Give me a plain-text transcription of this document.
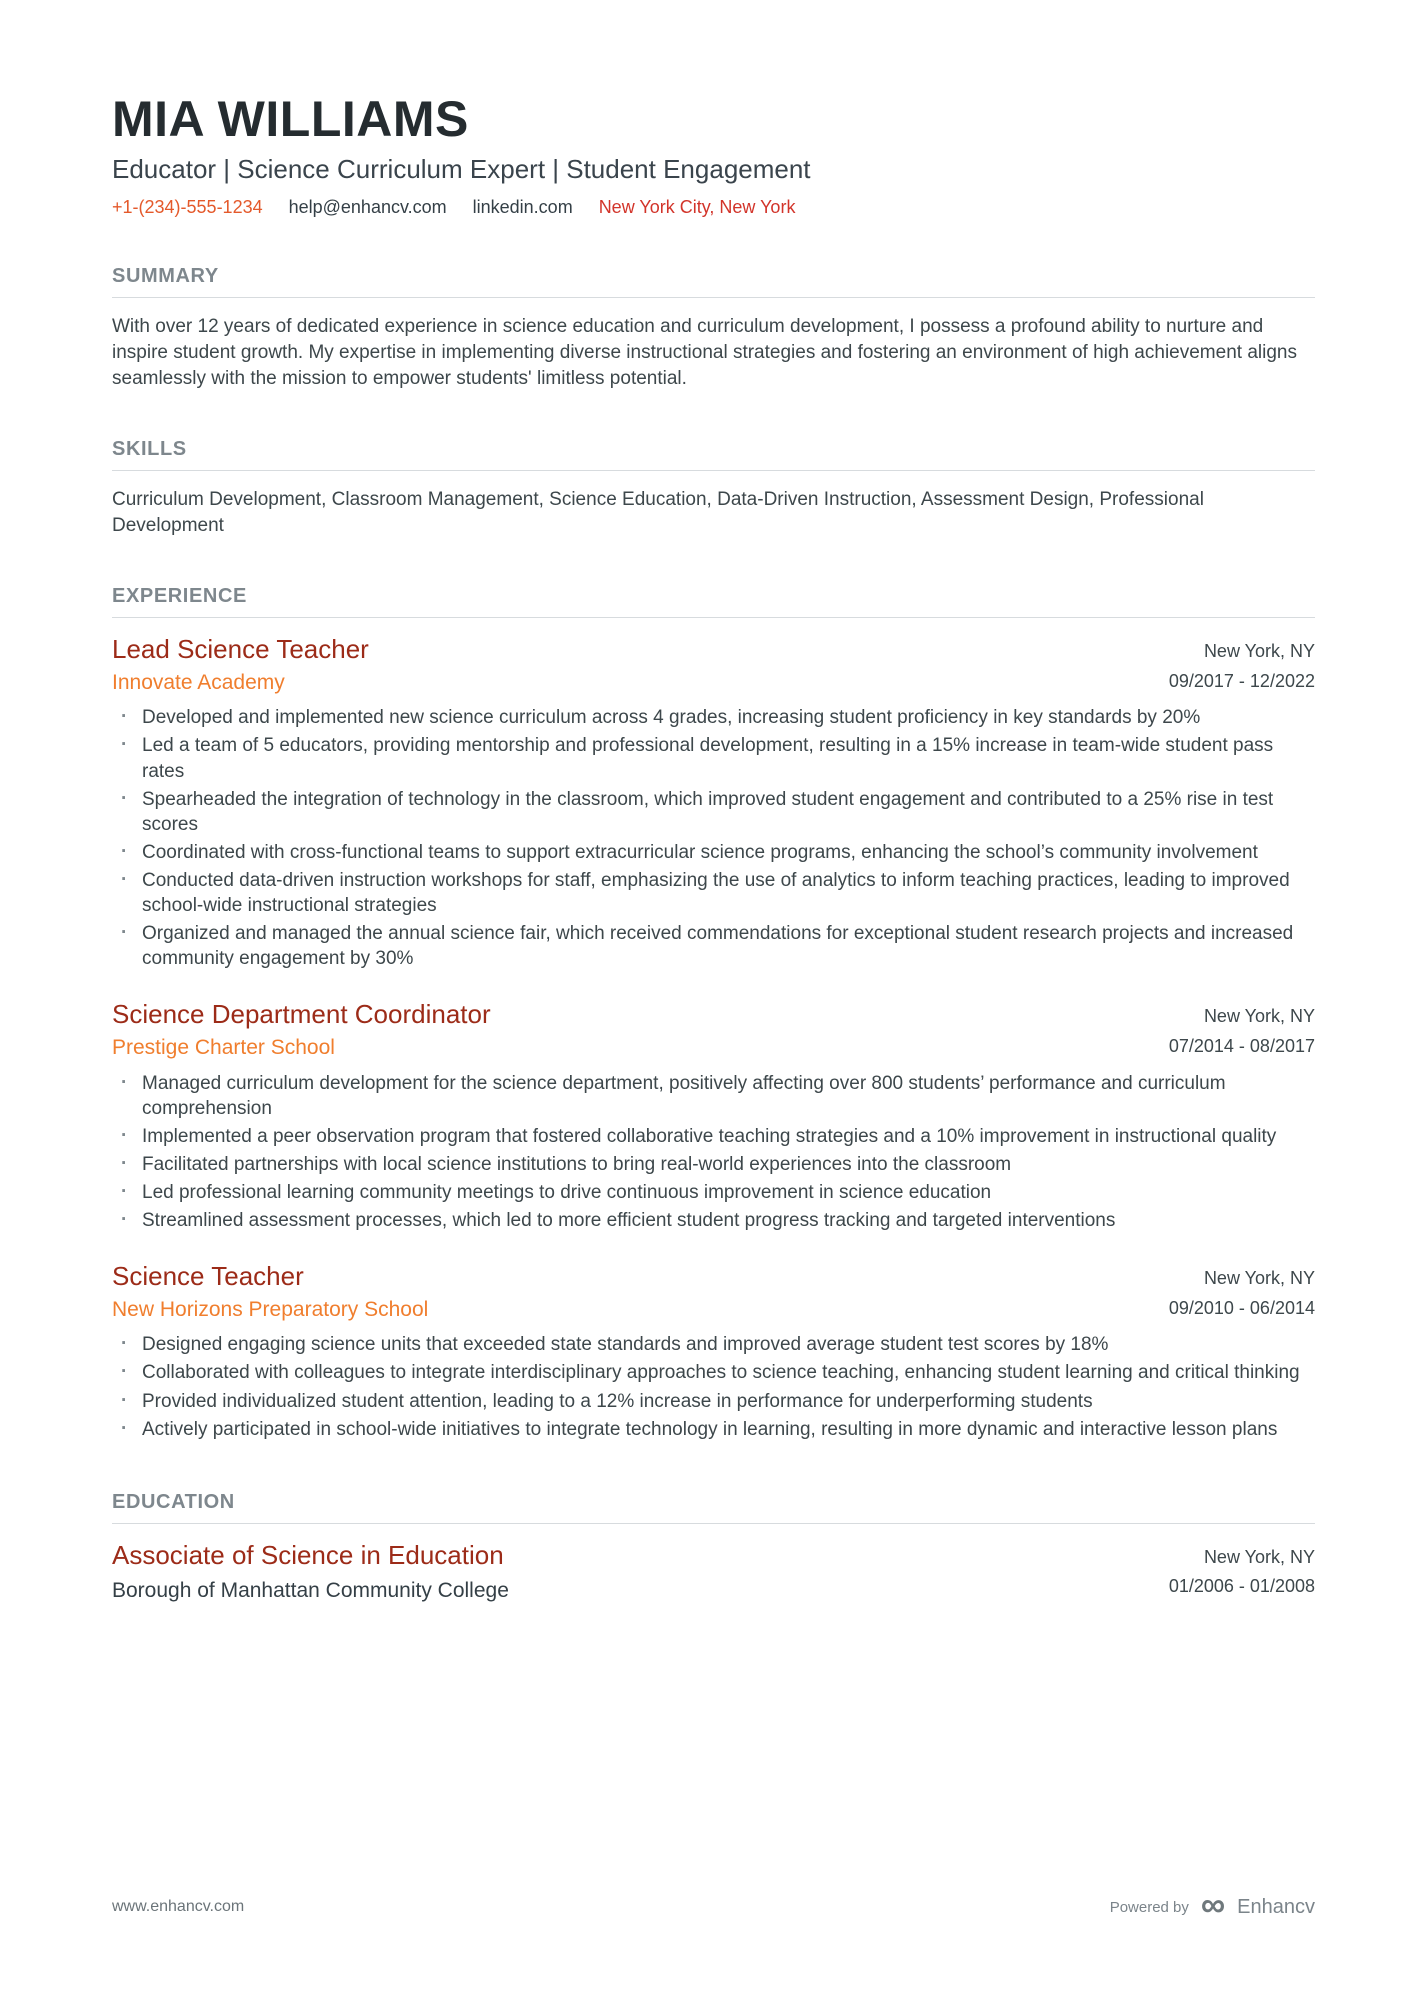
MIA WILLIAMS
Educator | Science Curriculum Expert | Student Engagement
+1-(234)-555-1234 help@enhancv.com linkedin.com New York City, New York
SUMMARY

With over 12 years of dedicated experience in science education and curriculum development, I possess a profound ability to nurture and inspire student growth. My expertise in implementing diverse instructional strategies and fostering an environment of high achievement aligns seamlessly with the mission to empower students' limitless potential.

SKILLS

Curriculum Development, Classroom Management, Science Education, Data-Driven Instruction, Assessment Design, Professional Development

EXPERIENCE
Lead Science Teacher
Innovate Academy
New York, NY
09/2017 - 12/2022
· Developed and implemented new science curriculum across 4 grades, increasing student proficiency in key standards by 20%
· Led a team of 5 educators, providing mentorship and professional development, resulting in a 15% increase in team-wide student pass rates
· Spearheaded the integration of technology in the classroom, which improved student engagement and contributed to a 25% rise in test scores
· Coordinated with cross-functional teams to support extracurricular science programs, enhancing the school’s community involvement
· Conducted data-driven instruction workshops for staff, emphasizing the use of analytics to inform teaching practices, leading to improved school-wide instructional strategies
· Organized and managed the annual science fair, which received commendations for exceptional student research projects and increased community engagement by 30%
Science Department Coordinator
Prestige Charter School
New York, NY
07/2014 - 08/2017
· Managed curriculum development for the science department, positively affecting over 800 students’ performance and curriculum comprehension
· Implemented a peer observation program that fostered collaborative teaching strategies and a 10% improvement in instructional quality
· Facilitated partnerships with local science institutions to bring real-world experiences into the classroom
· Led professional learning community meetings to drive continuous improvement in science education
· Streamlined assessment processes, which led to more efficient student progress tracking and targeted interventions
Science Teacher
New Horizons Preparatory School
New York, NY
09/2010 - 06/2014
· Designed engaging science units that exceeded state standards and improved average student test scores by 18%
· Collaborated with colleagues to integrate interdisciplinary approaches to science teaching, enhancing student learning and critical thinking
· Provided individualized student attention, leading to a 12% increase in performance for underperforming students
· Actively participated in school-wide initiatives to integrate technology in learning, resulting in more dynamic and interactive lesson plans
EDUCATION
Associate of Science in Education
Borough of Manhattan Community College
New York, NY
01/2006 - 01/2008
www.enhancv.com	Powered by ∞ Enhancv
